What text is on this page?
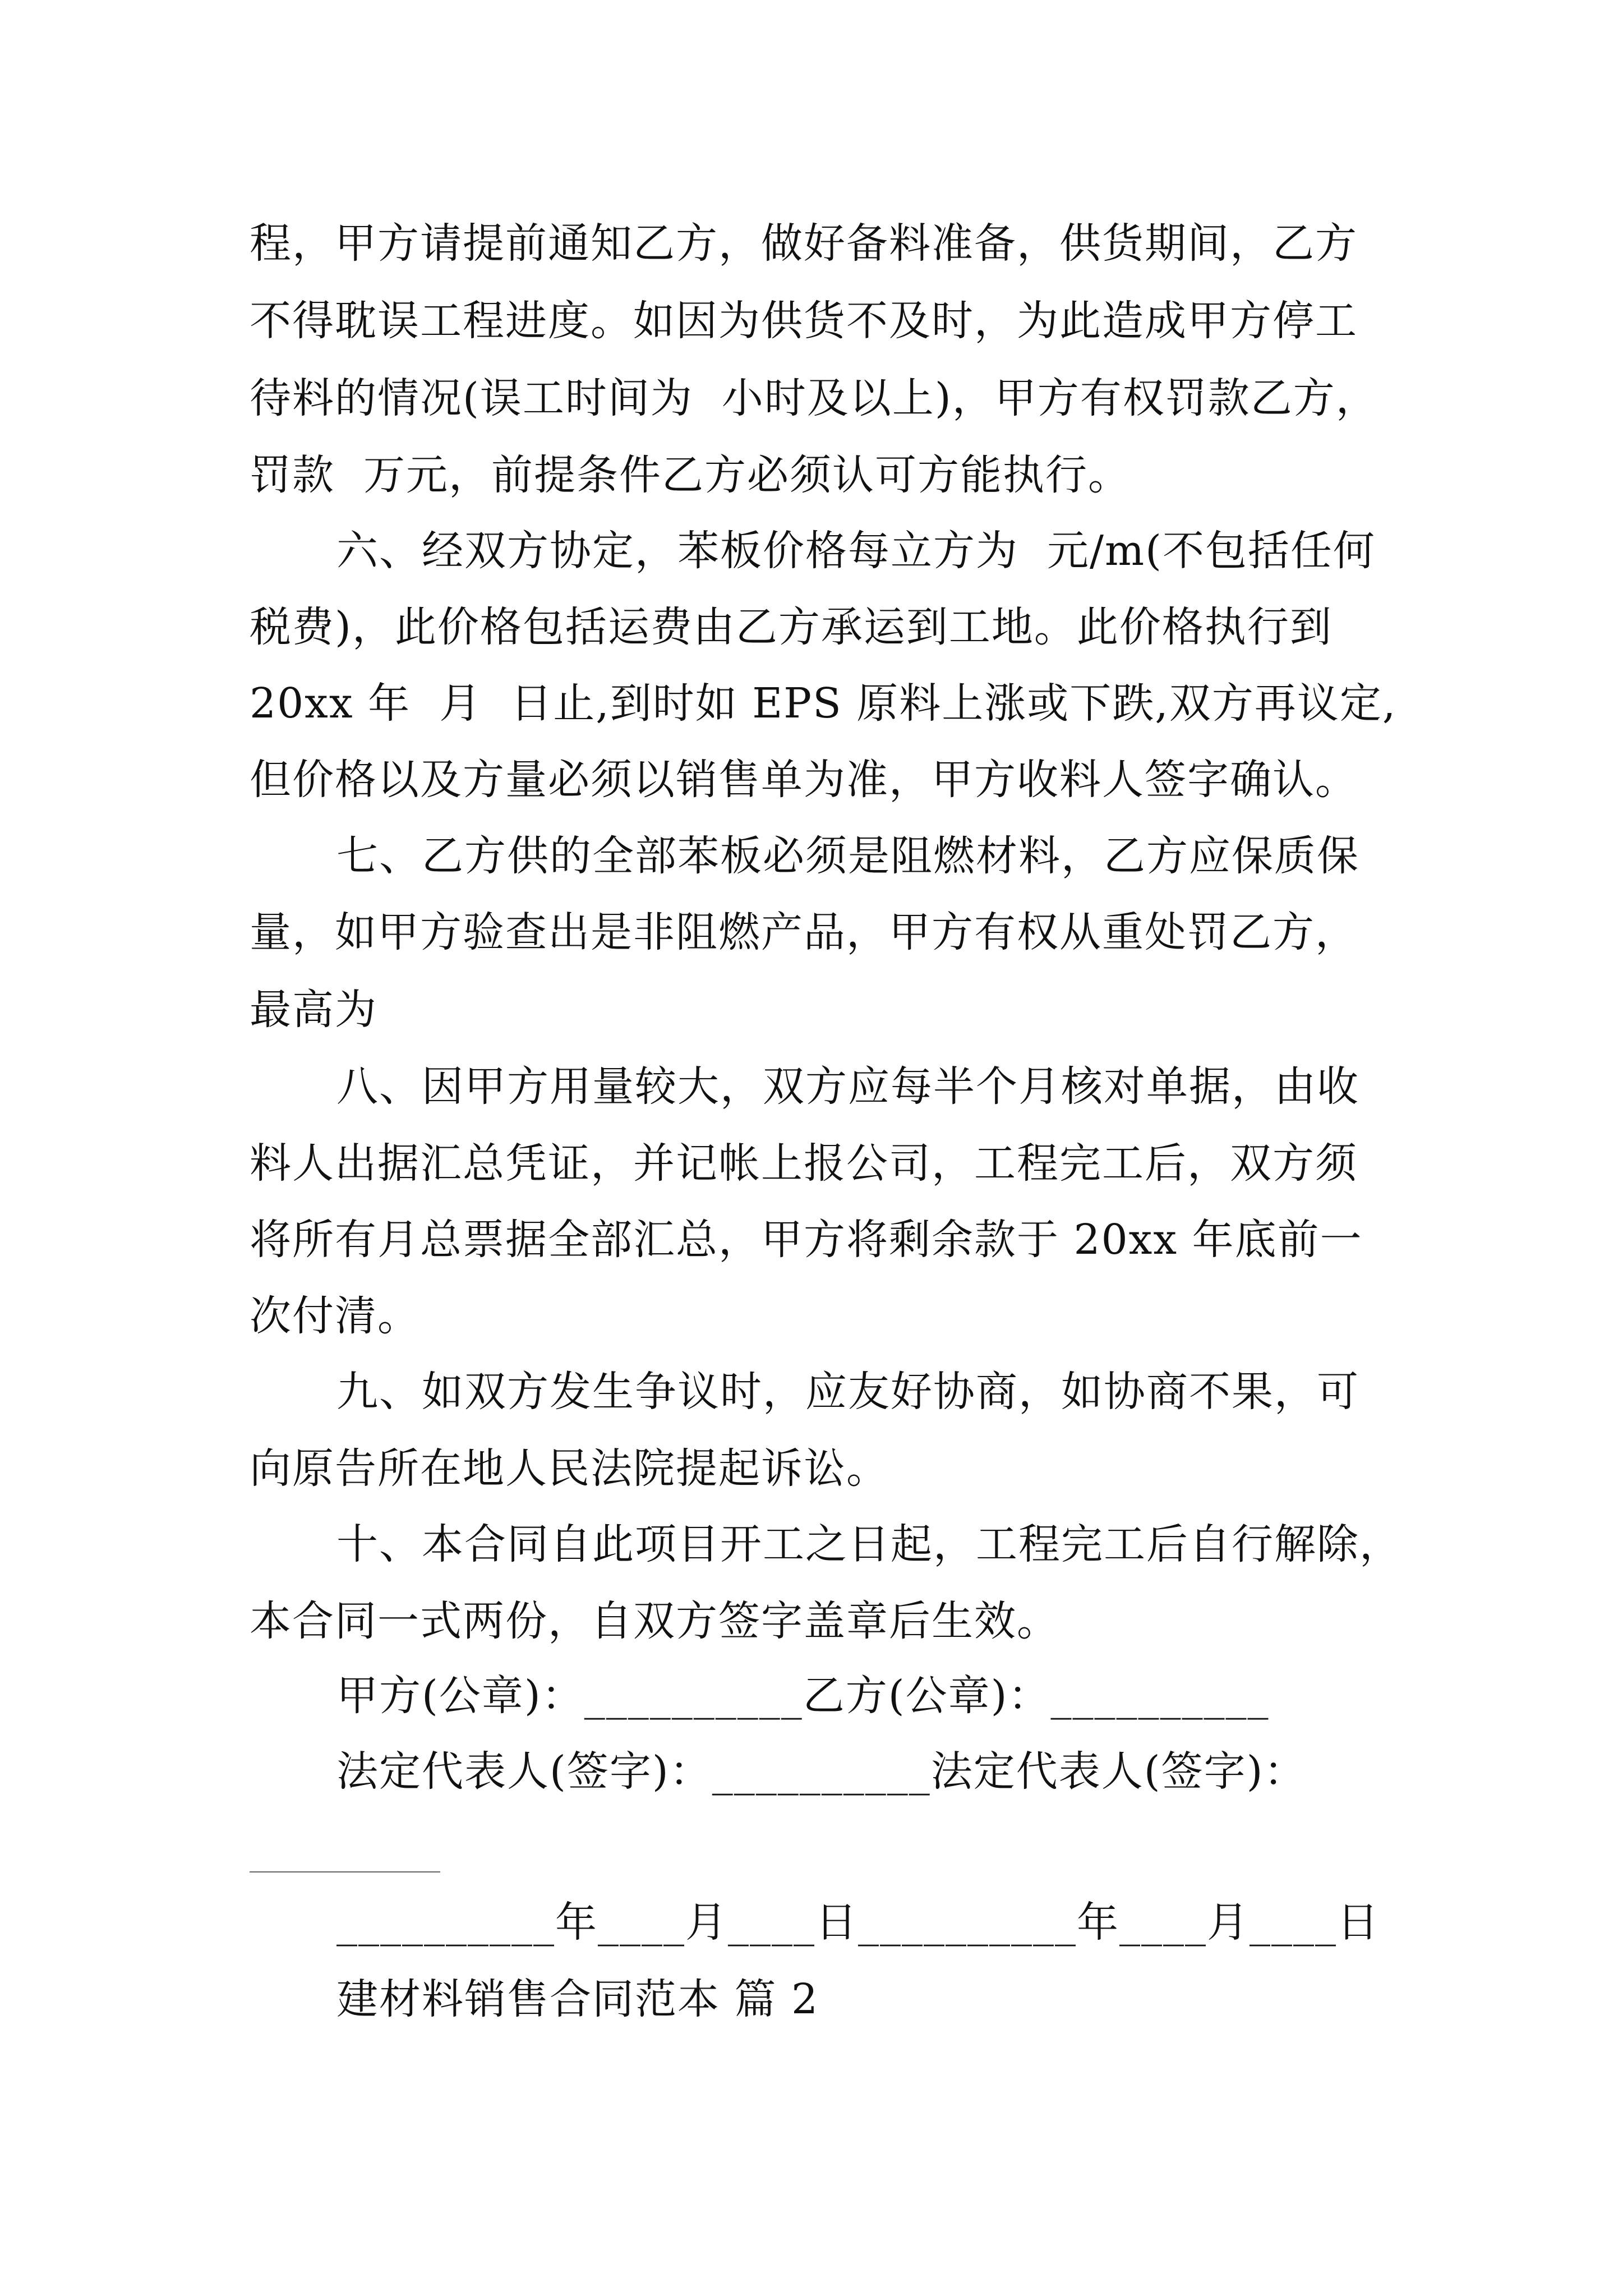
程，甲方请提前通知乙方，做好备料准备，供货期间，乙方
不得耽误工程进度。如因为供货不及时，为此造成甲方停工
待料的情况(误工时间为  小时及以上)，甲方有权罚款乙方，
罚款  万元，前提条件乙方必须认可方能执行。
六、经双方协定，苯板价格每立方为  元/m(不包括任何
税费)，此价格包括运费由乙方承运到工地。此价格执行到
20xx 年  月  日止,到时如 EPS 原料上涨或下跌,双方再议定,
但价格以及方量必须以销售单为准，甲方收料人签字确认。
七、乙方供的全部苯板必须是阻燃材料，乙方应保质保
量，如甲方验查出是非阻燃产品，甲方有权从重处罚乙方，
最高为
八、因甲方用量较大，双方应每半个月核对单据，由收
料人出据汇总凭证，并记帐上报公司，工程完工后，双方须
将所有月总票据全部汇总，甲方将剩余款于 20xx 年底前一
次付清。
九、如双方发生争议时，应友好协商，如协商不果，可
向原告所在地人民法院提起诉讼。
十、本合同自此项目开工之日起，工程完工后自行解除，
本合同一式两份，自双方签字盖章后生效。
甲方(公章)：__________乙方(公章)：__________
法定代表人(签字)：__________法定代表人(签字)：
__________年____月____日__________年____月____日
建材料销售合同范本 篇 2
